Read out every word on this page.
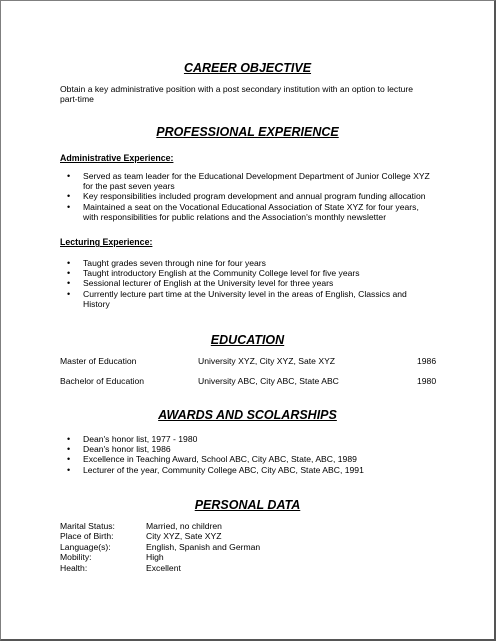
CAREER OBJECTIVE
Obtain a key administrative position with a post secondary institution with an option to lecture part-time
PROFESSIONAL EXPERIENCE
Administrative Experience:
• Served as team leader for the Educational Development Department of Junior College XYZ for the past seven years
• Key responsibilities included program development and annual program funding allocation
• Maintained a seat on the Vocational Educational Association of State XYZ for four years, with responsibilities for public relations and the Association's monthly newsletter
Lecturing Experience:
• Taught grades seven through nine for four years
• Taught introductory English at the Community College level for five years
• Sessional lecturer of English at the University level for three years
• Currently lecture part time at the University level in the areas of English, Classics and History
EDUCATION
Master of Education	University XYZ, City XYZ, Sate XYZ	1986
Bachelor of Education	University ABC, City ABC, State ABC	1980
AWARDS AND SCOLARSHIPS
• Dean's honor list, 1977 - 1980
• Dean's honor list, 1986
• Excellence in Teaching Award, School ABC, City ABC, State, ABC, 1989
• Lecturer of the year, Community College ABC, City ABC, State ABC, 1991
PERSONAL DATA
Marital Status:	Married, no children
Place of Birth:	City XYZ, Sate XYZ
Language(s):	English, Spanish and German
Mobility:	High
Health:	Excellent
